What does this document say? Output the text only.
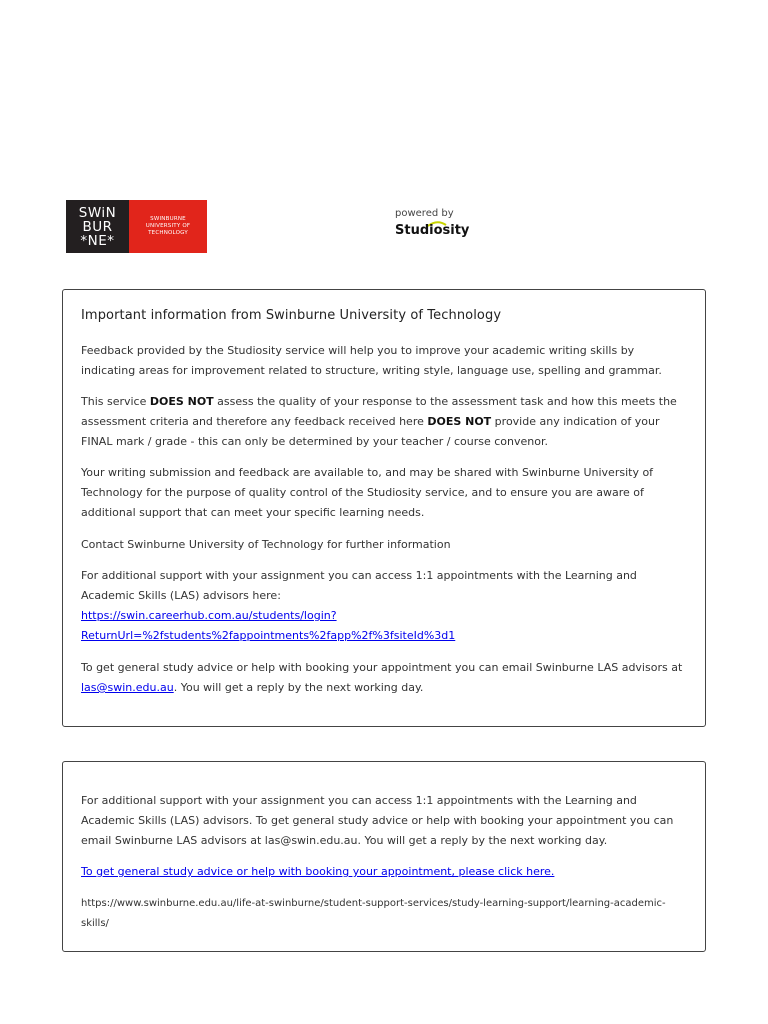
SWiN
BUR
*NE*
SWINBURNE
UNIVERSITY OF
TECHNOLOGY
powered by
Studiosity
Important information from Swinburne University of Technology

Feedback provided by the Studiosity service will help you to improve your academic writing skills by indicating areas for improvement related to structure, writing style, language use, spelling and grammar.

This service DOES NOT assess the quality of your response to the assessment task and how this meets the assessment criteria and therefore any feedback received here DOES NOT provide any indication of your FINAL mark / grade - this can only be determined by your teacher / course convenor.

Your writing submission and feedback are available to, and may be shared with Swinburne University of Technology for the purpose of quality control of the Studiosity service, and to ensure you are aware of additional support that can meet your specific learning needs.

Contact Swinburne University of Technology for further information

For additional support with your assignment you can access 1:1 appointments with the Learning and Academic Skills (LAS) advisors here:
https://swin.careerhub.com.au/students/login?
ReturnUrl=%2fstudents%2fappointments%2fapp%2f%3fsiteId%3d1

To get general study advice or help with booking your appointment you can email Swinburne LAS advisors at las@swin.edu.au. You will get a reply by the next working day.

For additional support with your assignment you can access 1:1 appointments with the Learning and Academic Skills (LAS) advisors. To get general study advice or help with booking your appointment you can email Swinburne LAS advisors at las@swin.edu.au. You will get a reply by the next working day.

To get general study advice or help with booking your appointment, please click here.

https://www.swinburne.edu.au/life-at-swinburne/student-support-services/study-learning-support/learning-academic-skills/
